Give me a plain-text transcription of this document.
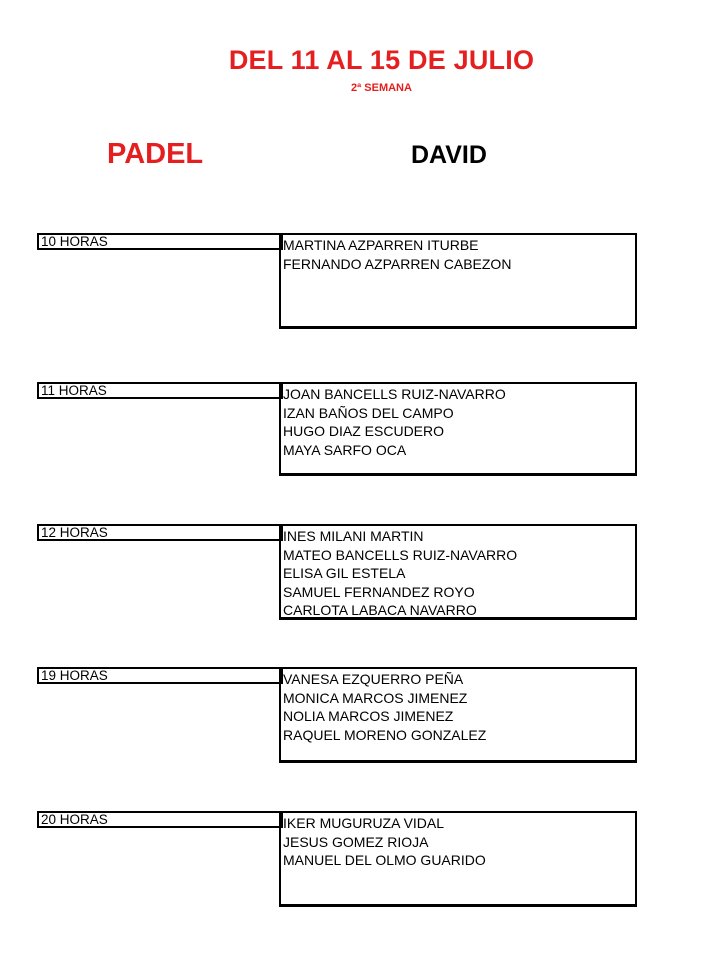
DEL 11 AL 15 DE JULIO
2ª SEMANA
PADEL	DAVID
10 HORAS	MARTINA AZPARREN ITURBE
FERNANDO AZPARREN CABEZON
11 HORAS	JOAN BANCELLS RUIZ-NAVARRO
IZAN BAÑOS DEL CAMPO
HUGO DIAZ ESCUDERO
MAYA SARFO OCA
12 HORAS	INES MILANI MARTIN
MATEO BANCELLS RUIZ-NAVARRO
ELISA GIL ESTELA
SAMUEL FERNANDEZ ROYO
CARLOTA LABACA NAVARRO
19 HORAS	VANESA EZQUERRO PEÑA
MONICA MARCOS JIMENEZ
NOLIA MARCOS JIMENEZ
RAQUEL MORENO GONZALEZ
20 HORAS	IKER MUGURUZA VIDAL
JESUS GOMEZ RIOJA
MANUEL DEL OLMO GUARIDO
